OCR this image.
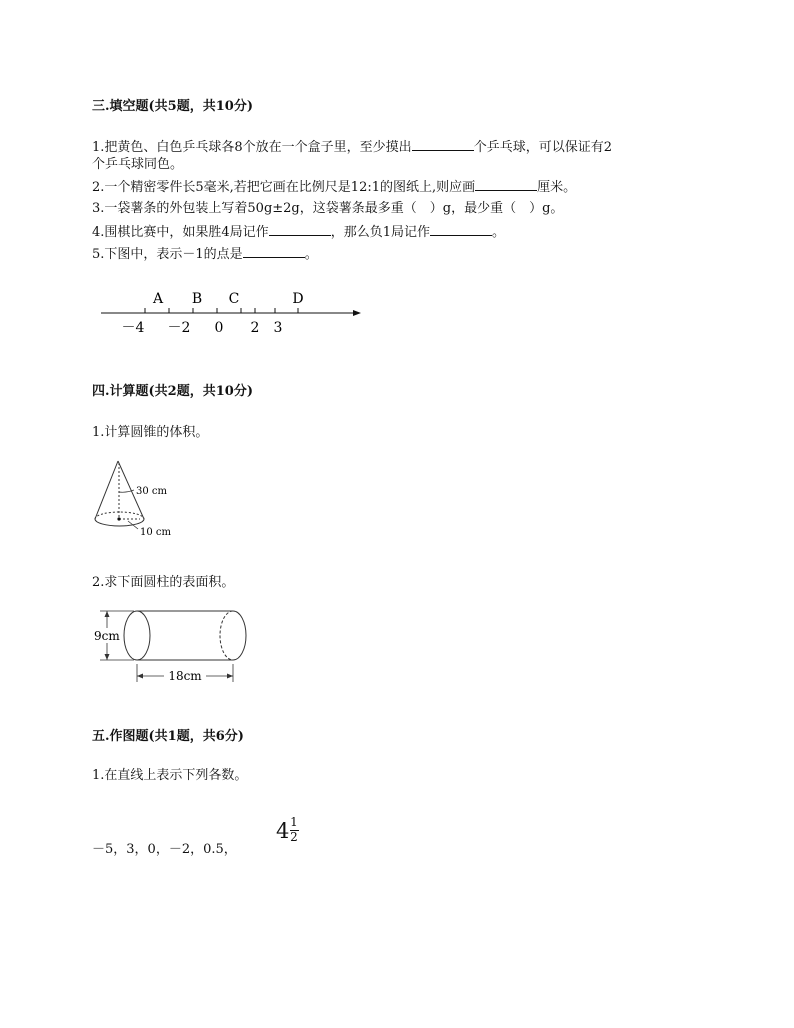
三.填空题(共5题，共10分)
1.把黄色、白色乒乓球各8个放在一个盒子里，至少摸出	个乒乓球，可以保证有2
个乒乓球同色。
2.一个精密零件长5毫米,若把它画在比例尺是12:1的图纸上,则应画	厘米。
3.一袋薯条的外包装上写着50g±2g，这袋薯条最多重（　）g，最少重（　）g。
4.围棋比赛中，如果胜4局记作	，那么负1局记作	。
5.下图中，表示－1的点是	。
A B C	D
－4 －2 0 2 3
四.计算题(共2题，共10分)
1.计算圆锥的体积。
30 cm
10 cm
2.求下面圆柱的表面积。
9cm
18cm
五.作图题(共1题，共6分)
1.在直线上表示下列各数。
－5，3，0，－2，0.5，
4 1
2
